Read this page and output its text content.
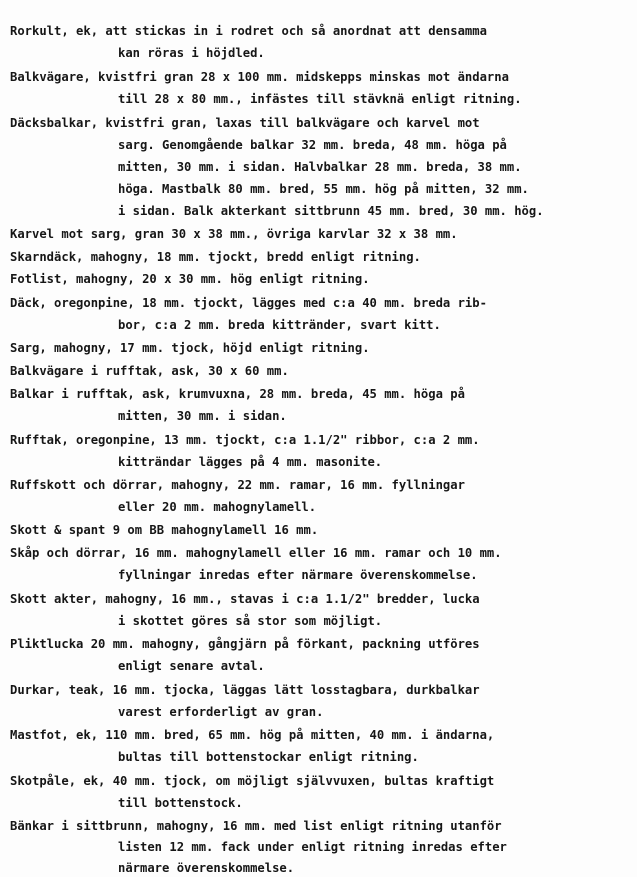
Rorkult, ek, att stickas in i rodret och så anordnat att densamma
kan röras i höjdled.
Balkvägare, kvistfri gran 28 x 100 mm. midskepps minskas mot ändarna
till 28 x 80 mm., infästes till stävknä enligt ritning.
Däcksbalkar, kvistfri gran, laxas till balkvägare och karvel mot
sarg. Genomgående balkar 32 mm. breda, 48 mm. höga på
mitten, 30 mm. i sidan. Halvbalkar 28 mm. breda, 38 mm.
höga. Mastbalk 80 mm. bred, 55 mm. hög på mitten, 32 mm.
i sidan. Balk akterkant sittbrunn 45 mm. bred, 30 mm. hög.
Karvel mot sarg, gran 30 x 38 mm., övriga karvlar 32 x 38 mm.
Skarndäck, mahogny, 18 mm. tjockt, bredd enligt ritning.
Fotlist, mahogny, 20 x 30 mm. hög enligt ritning.
Däck, oregonpine, 18 mm. tjockt, lägges med c:a 40 mm. breda rib-
bor, c:a 2 mm. breda kittränder, svart kitt.
Sarg, mahogny, 17 mm. tjock, höjd enligt ritning.
Balkvägare i rufftak, ask, 30 x 60 mm.
Balkar i rufftak, ask, krumvuxna, 28 mm. breda, 45 mm. höga på
mitten, 30 mm. i sidan.
Rufftak, oregonpine, 13 mm. tjockt, c:a 1.1/2" ribbor, c:a 2 mm.
kitträndar lägges på 4 mm. masonite.
Ruffskott och dörrar, mahogny, 22 mm. ramar, 16 mm. fyllningar
eller 20 mm. mahognylamell.
Skott & spant 9 om BB mahognylamell 16 mm.
Skåp och dörrar, 16 mm. mahognylamell eller 16 mm. ramar och 10 mm.
fyllningar inredas efter närmare överenskommelse.
Skott akter, mahogny, 16 mm., stavas i c:a 1.1/2" bredder, lucka
i skottet göres så stor som möjligt.
Pliktlucka 20 mm. mahogny, gångjärn på förkant, packning utföres
enligt senare avtal.
Durkar, teak, 16 mm. tjocka, läggas lätt losstagbara, durkbalkar
varest erforderligt av gran.
Mastfot, ek, 110 mm. bred, 65 mm. hög på mitten, 40 mm. i ändarna,
bultas till bottenstockar enligt ritning.
Skotpåle, ek, 40 mm. tjock, om möjligt självvuxen, bultas kraftigt
till bottenstock.
Bänkar i sittbrunn, mahogny, 16 mm. med list enligt ritning utanför
listen 12 mm. fack under enligt ritning inredas efter
närmare överenskommelse.
